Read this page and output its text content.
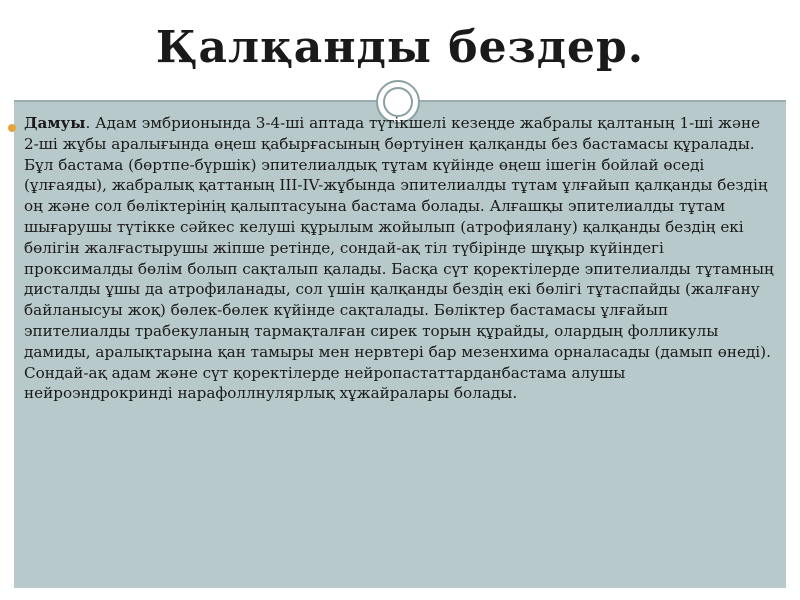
Қалқанды бездер.
Дамуы. Адам эмбрионында 3-4-ші аптада түтікшелі кезеңде жабралы қалтаның 1-ші және 2-ші жұбы аралығында өңеш қабырғасының бөртуінен қалқанды без бастамасы құралады. Бұл бастама (бөртпе-бүршік) эпителиалдық тұтам күйінде өңеш ішегін бойлай өседі (ұлғаяды), жабралық қаттаның III-IV-жұбында эпителиалды тұтам ұлғайып қалқанды бездің оң және сол бөліктерінің қалыптасуына бастама болады. Алғашқы эпителиалды тұтам шығарушы түтікке сәйкес келуші құрылым жойылып (атрофиялану) қалқанды бездің екі бөлігін жалғастырушы жіпше ретінде, сондай-ақ тіл түбірінде шұқыр күйіндегі проксималды бөлім болып сақталып қалады. Басқа сүт қоректілерде эпителиалды тұтамның дисталды ұшы да атрофиланады, сол үшін қалқанды бездің екі бөлігі тұтаспайды (жалғану байланысуы жоқ) бөлек-бөлек күйінде сақталады. Бөліктер бастамасы ұлғайып эпителиалды трабекуланың тармақталған сирек торын құрайды, олардың фолликулы дамиды, аралықтарына қан тамыры мен нервтері бар мезенхима орналасады (дамып өнеді). Сондай-ақ адам және сүт қоректілерде нейропастаттарданбастама алушы нейроэндрокринді нарафоллнулярлық хұжайралары болады.
